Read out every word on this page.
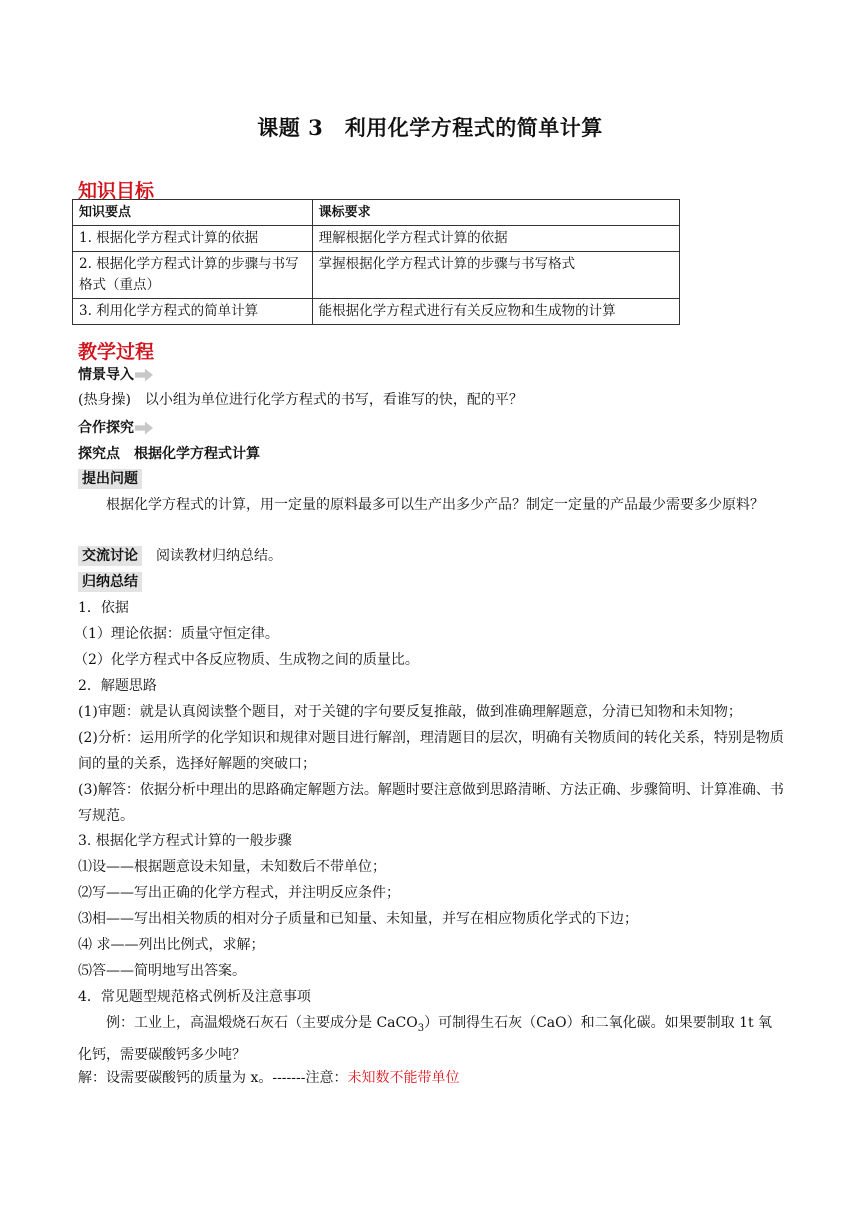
课题 3　利用化学方程式的简单计算
知识目标
知识要点	课标要求
1. 根据化学方程式计算的依据	理解根据化学方程式计算的依据
2. 根据化学方程式计算的步骤与书写格式（重点）	掌握根据化学方程式计算的步骤与书写格式
3. 利用化学方程式的简单计算	能根据化学方程式进行有关反应物和生成物的计算
教学过程
情景导入
(热身操)　以小组为单位进行化学方程式的书写，看谁写的快，配的平？
合作探究
探究点　根据化学方程式计算
提出问题
根据化学方程式的计算，用一定量的原料最多可以生产出多少产品？制定一定量的产品最少需要多少原料？
交流讨论 阅读教材归纳总结。
归纳总结
1．依据
（1）理论依据：质量守恒定律。
（2）化学方程式中各反应物质、生成物之间的质量比。
2．解题思路
(1)审题：就是认真阅读整个题目，对于关键的字句要反复推敲，做到准确理解题意，分清已知物和未知物；
(2)分析：运用所学的化学知识和规律对题目进行解剖，理清题目的层次，明确有关物质间的转化关系，特别是物质间的量的关系，选择好解题的突破口；
(3)解答：依据分析中理出的思路确定解题方法。解题时要注意做到思路清晰、方法正确、步骤简明、计算准确、书写规范。
3. 根据化学方程式计算的一般步骤
⑴设——根据题意设未知量，未知数后不带单位；
⑵写——写出正确的化学方程式，并注明反应条件；
⑶相——写出相关物质的相对分子质量和已知量、未知量，并写在相应物质化学式的下边；
⑷ 求——列出比例式，求解；
⑸答——简明地写出答案。
4．常见题型规范格式例析及注意事项
例：工业上，高温煅烧石灰石（主要成分是 CaCO$_3$）可制得生石灰（CaO）和二氧化碳。如果要制取 1t 氧化钙，需要碳酸钙多少吨？
解：设需要碳酸钙的质量为 x。-------注意：未知数不能带单位
